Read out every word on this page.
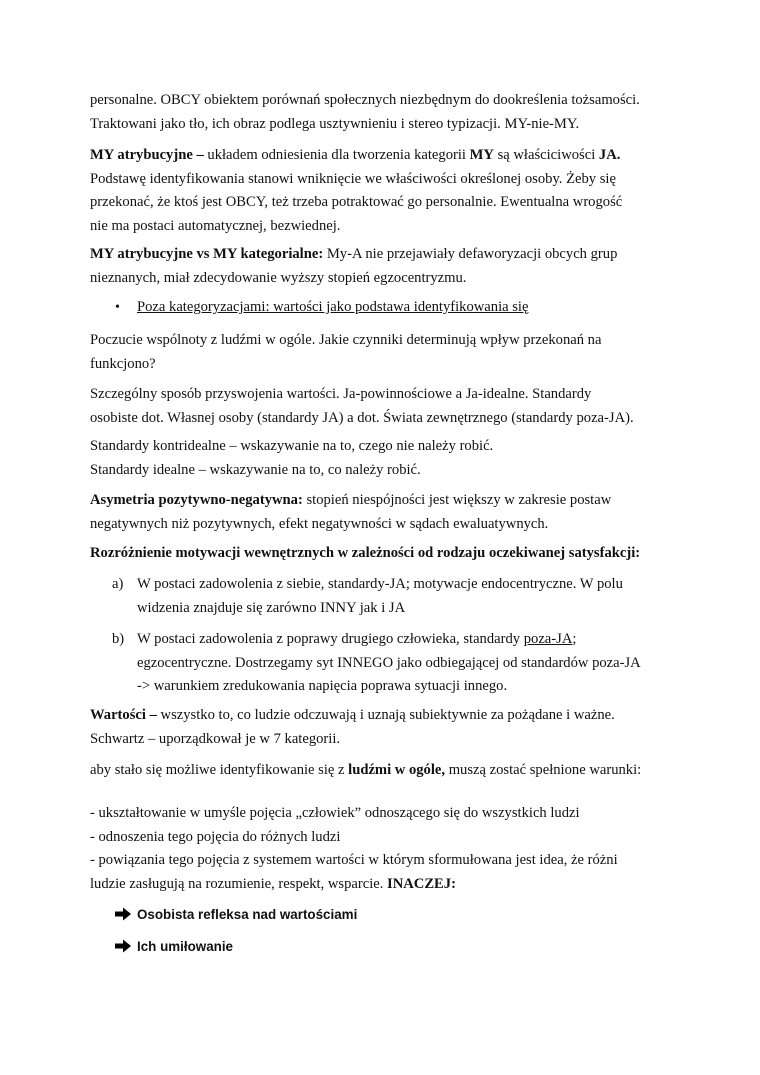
personalne. OBCY obiektem porównań społecznych niezbędnym do dookreślenia tożsamości.
Traktowani jako tło, ich obraz podlega usztywnieniu i stereo typizacji. MY-nie-MY.

MY atrybucyjne – układem odniesienia dla tworzenia kategorii MY są właściciwości JA.
Podstawę identyfikowania stanowi wniknięcie we właściwości określonej osoby. Żeby się
przekonać, że ktoś jest OBCY, też trzeba potraktować go personalnie. Ewentualna wrogość
nie ma postaci automatycznej, bezwiednej.

MY atrybucyjne vs MY kategorialne: My-A nie przejawiały defaworyzacji obcych grup
nieznanych, miał zdecydowanie wyższy stopień egzocentryzmu.

• Poza kategoryzacjami: wartości jako podstawa identyfikowania się

Poczucie wspólnoty z ludźmi w ogóle. Jakie czynniki determinują wpływ przekonań na
funkcjono?

Szczególny sposób przyswojenia wartości. Ja-powinnościowe a Ja-idealne. Standardy
osobiste dot. Własnej osoby (standardy JA) a dot. Świata zewnętrznego (standardy poza-JA).

Standardy kontridealne – wskazywanie na to, czego nie należy robić.
Standardy idealne – wskazywanie na to, co należy robić.

Asymetria pozytywno-negatywna: stopień niespójności jest większy w zakresie postaw
negatywnych niż pozytywnych, efekt negatywności w sądach ewaluatywnych.

Rozróżnienie motywacji wewnętrznych w zależności od rodzaju oczekiwanej satysfakcji:

a) W postaci zadowolenia z siebie, standardy-JA; motywacje endocentryczne. W polu
widzenia znajduje się zarówno INNY jak i JA

b) W postaci zadowolenia z poprawy drugiego człowieka, standardy poza-JA;
egzocentryczne. Dostrzegamy syt INNEGO jako odbiegającej od standardów poza-JA
-> warunkiem zredukowania napięcia poprawa sytuacji innego.

Wartości – wszystko to, co ludzie odczuwają i uznają subiektywnie za pożądane i ważne.
Schwartz – uporządkował je w 7 kategorii.

aby stało się możliwe identyfikowanie się z ludźmi w ogóle, muszą zostać spełnione warunki:

- ukształtowanie w umyśle pojęcia „człowiek” odnoszącego się do wszystkich ludzi
- odnoszenia tego pojęcia do różnych ludzi
- powiązania tego pojęcia z systemem wartości w którym sformułowana jest idea, że różni
ludzie zasługują na rozumienie, respekt, wsparcie. INACZEJ:

Osobista refleksa nad wartościami
Ich umiłowanie
